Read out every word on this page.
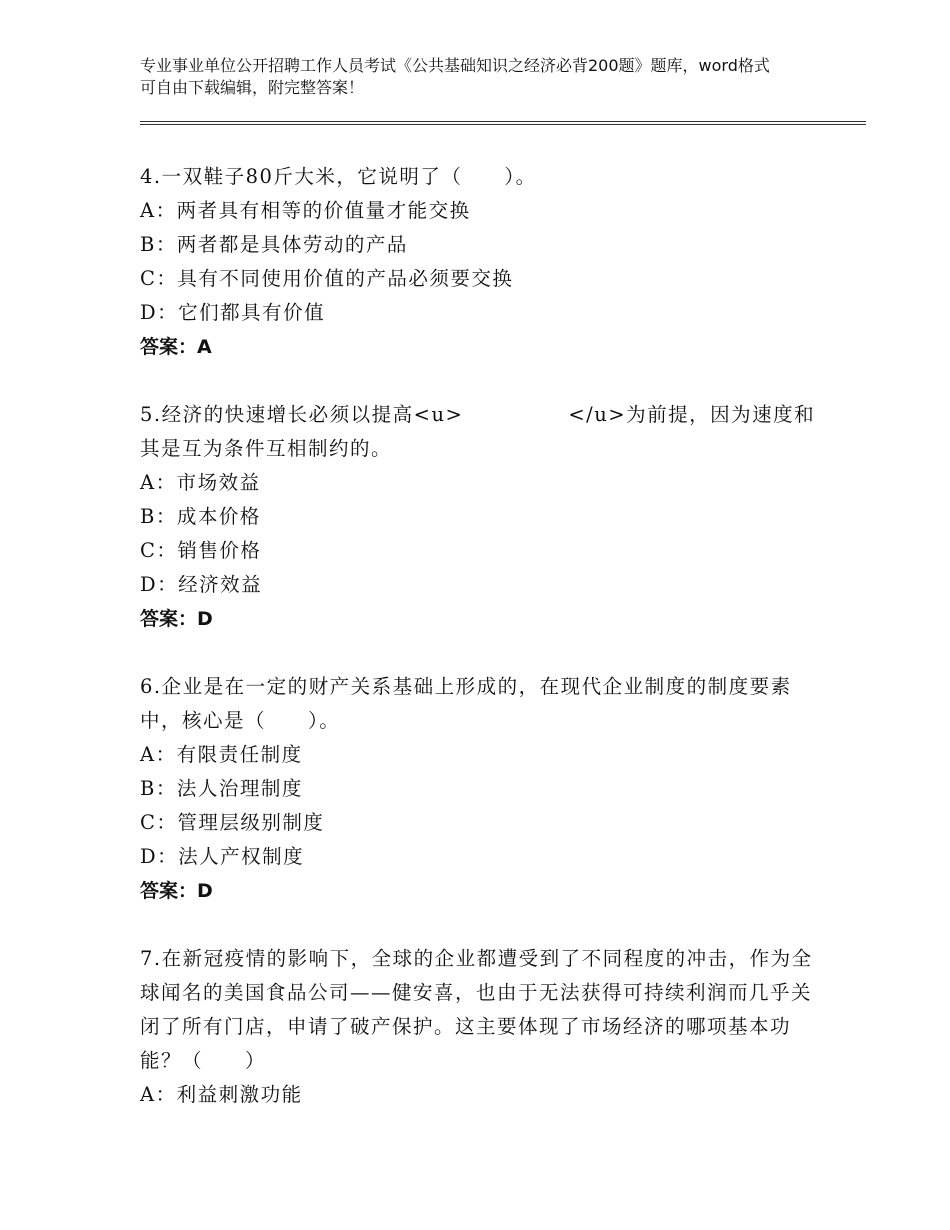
专业事业单位公开招聘工作人员考试《公共基础知识之经济必背200题》题库，word格式可自由下载编辑，附完整答案！

4.一双鞋子80斤大米，它说明了（　　）。

A：两者具有相等的价值量才能交换

B：两者都是具体劳动的产品

C：具有不同使用价值的产品必须要交换

D：它们都具有价值

答案：A

5.经济的快速增长必须以提高<u>　　　　　</u>为前提，因为速度和其是互为条件互相制约的。

A：市场效益

B：成本价格

C：销售价格

D：经济效益

答案：D

6.企业是在一定的财产关系基础上形成的，在现代企业制度的制度要素中，核心是（　　）。

A：有限责任制度

B：法人治理制度

C：管理层级别制度

D：法人产权制度

答案：D

7.在新冠疫情的影响下，全球的企业都遭受到了不同程度的冲击，作为全球闻名的美国食品公司——健安喜，也由于无法获得可持续利润而几乎关闭了所有门店，申请了破产保护。这主要体现了市场经济的哪项基本功能？（　　）

A：利益刺激功能
